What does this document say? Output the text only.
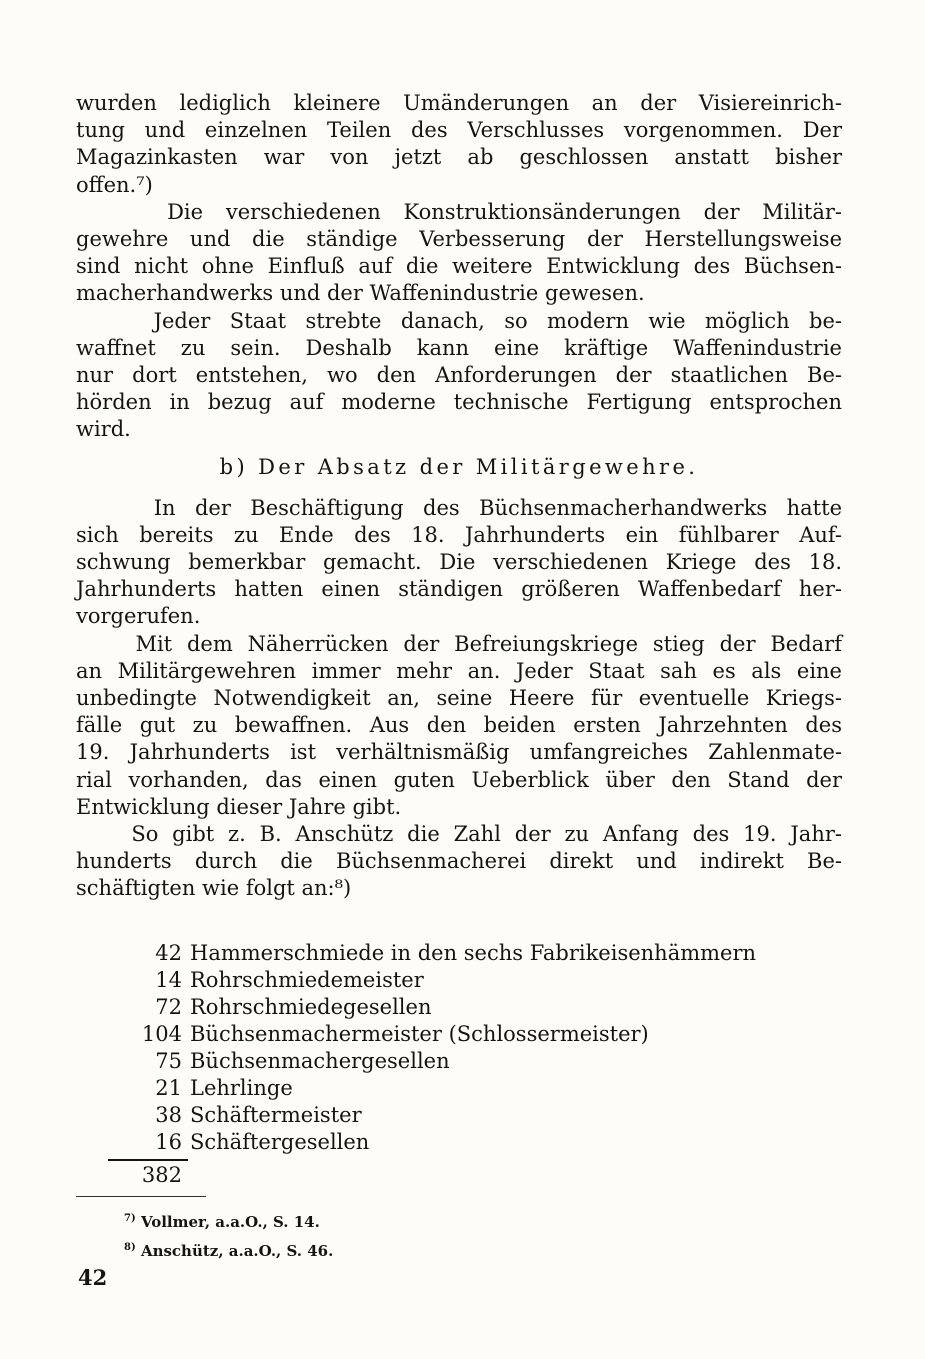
wurden lediglich kleinere Umänderungen an der Visiereinrich-
tung und einzelnen Teilen des Verschlusses vorgenommen. Der
Magazinkasten war von jetzt ab geschlossen anstatt bisher
offen.⁷)

Die verschiedenen Konstruktionsänderungen der Militär-
gewehre und die ständige Verbesserung der Herstellungsweise
sind nicht ohne Einfluß auf die weitere Entwicklung des Büchsen-
macherhandwerks und der Waffenindustrie gewesen.

Jeder Staat strebte danach, so modern wie möglich be-
waffnet zu sein. Deshalb kann eine kräftige Waffenindustrie
nur dort entstehen, wo den Anforderungen der staatlichen Be-
hörden in bezug auf moderne technische Fertigung entsprochen
wird.

b) Der Absatz der Militärgewehre.

In der Beschäftigung des Büchsenmacherhandwerks hatte
sich bereits zu Ende des 18. Jahrhunderts ein fühlbarer Auf-
schwung bemerkbar gemacht. Die verschiedenen Kriege des 18.
Jahrhunderts hatten einen ständigen größeren Waffenbedarf her-
vorgerufen.

Mit dem Näherrücken der Befreiungskriege stieg der Bedarf
an Militärgewehren immer mehr an. Jeder Staat sah es als eine
unbedingte Notwendigkeit an, seine Heere für eventuelle Kriegs-
fälle gut zu bewaffnen. Aus den beiden ersten Jahrzehnten des
19. Jahrhunderts ist verhältnismäßig umfangreiches Zahlenmate-
rial vorhanden, das einen guten Ueberblick über den Stand der
Entwicklung dieser Jahre gibt.

So gibt z. B. Anschütz die Zahl der zu Anfang des 19. Jahr-
hunderts durch die Büchsenmacherei direkt und indirekt Be-
schäftigten wie folgt an:⁸)

42 Hammerschmiede in den sechs Fabrikeisenhämmern
14 Rohrschmiedemeister
72 Rohrschmiedegesellen
104 Büchsenmachermeister (Schlossermeister)
75 Büchsenmachergesellen
21 Lehrlinge
38 Schäftermeister
16 Schäftergesellen
382
$^{7)}$ Vollmer, a.a.O., S. 14.
$^{8)}$ Anschütz, a.a.O., S. 46.
42
